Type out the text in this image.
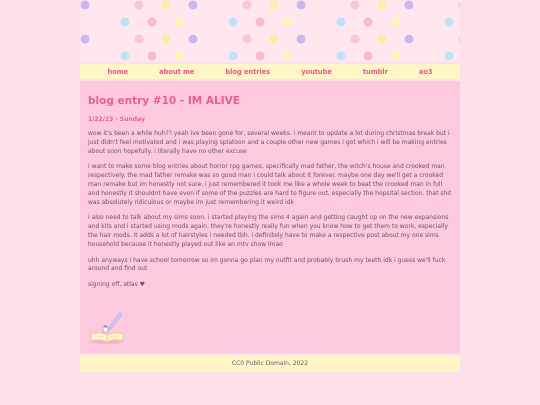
home	about me	blog entries	youtube	tumblr	ao3
blog entry #10 - IM ALIVE
1/22/23 - Sunday

wow it's been a while huh?? yeah ive been gone for, several weeks. i meant to update a lot during christmas break but i just didn't feel motivated and i was playing splatoon and a couple other new games i got which i will be making entries about soon hopefully. i literally have no other excuse

i want to make some blog entries about horror rpg games, specifically mad father, the witch's house and crooked man respectively. the mad father remake was so good man i could talk about it forever. maybe one day we'll get a crooked man remake but im honestly not sure. i just remembered it took me like a whole week to beat the crooked man in full and honestly it shouldnt have even if some of the puzzles are hard to figure out, especially the hopsital section. that shit was absolutely ridiculous or maybe im just remembering it weird idk

i also need to talk about my sims soon. i started playing the sims 4 again and getting caught up on the new expansions and kits and i started using mods again. they're honestly really fun when you know how to get them to work, especially the hair mods. it adds a lot of hairstyles i needed tbh. i definitely have to make a respective post about my one sims household because it honestly played out like an mtv show lmao

uhh anyways i have school tomorrow so im gonna go plan my outfit and probably brush my teeth idk i guess we'll fuck around and find out

signing off, atlas ♥

CC0 Public Domain, 2022
